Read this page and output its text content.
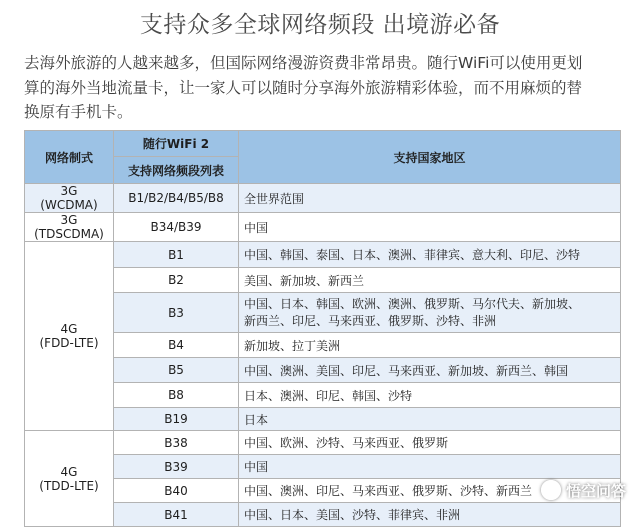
支持众多全球网络频段 出境游必备
去海外旅游的人越来越多，但国际网络漫游资费非常昂贵。随行WiFi可以使用更划
算的海外当地流量卡，让一家人可以随时分享海外旅游精彩体验，而不用麻烦的替
换原有手机卡。
网络制式	随行WiFi 2	支持国家地区
	支持网络频段列表	
3G (WCDMA)	B1/B2/B4/B5/B8	全世界范围
3G (TDSCDMA)	B34/B39	中国
4G
(FDD-LTE)	B1	中国、韩国、泰国、日本、澳洲、菲律宾、意大利、印尼、沙特
	B2	美国、新加坡、新西兰
	B3	中国、日本、韩国、欧洲、澳洲、俄罗斯、马尔代夫、新加坡、
新西兰、印尼、马来西亚、俄罗斯、沙特、非洲

	B4	新加坡、拉丁美洲
	B5	中国、澳洲、美国、印尼、马来西亚、新加坡、新西兰、韩国
	B8	日本、澳洲、印尼、韩国、沙特
	B19	日本
4G
(TDD-LTE)	B38	中国、欧洲、沙特、马来西亚、俄罗斯
	B39	中国
	B40	中国、澳洲、印尼、马来西亚、俄罗斯、沙特、新西兰
	B41	中国、日本、美国、沙特、菲律宾、非洲
悟空问答
